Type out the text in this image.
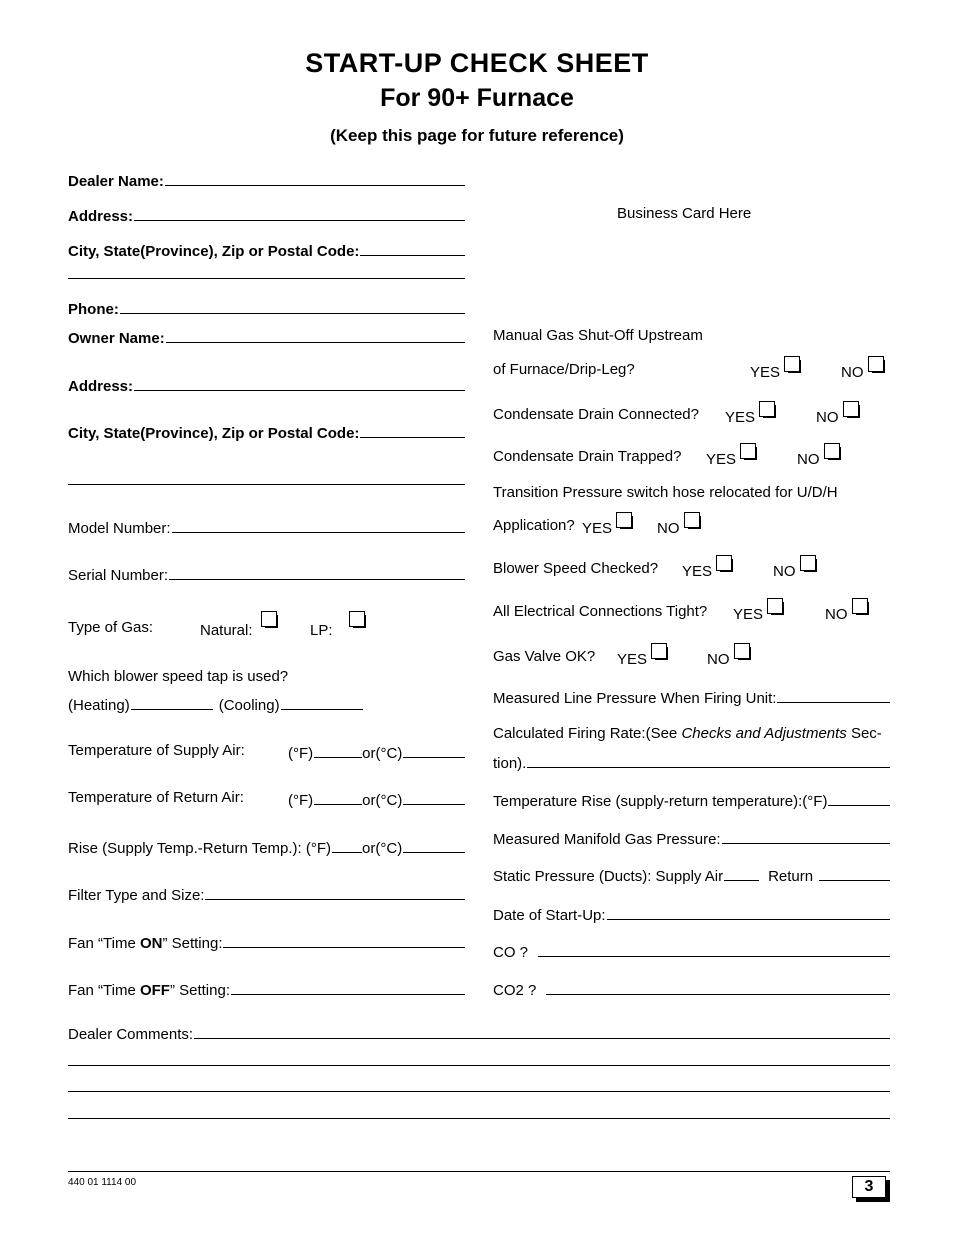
START-UP CHECK SHEET
For 90+ Furnace
(Keep this page for future reference)
Dealer Name:
Address:
City, State(Province), Zip or Postal Code:
Phone:
Owner Name:
Address:
City, State(Province), Zip or Postal Code:
Model Number:
Serial Number:
Type of Gas:	Natural:	LP:
Which blower speed tap is used?
(Heating)	(Cooling)
Temperature of Supply Air:	(°F)	or(°C)
Temperature of Return Air:	(°F)	or(°C)
Rise (Supply Temp.-Return Temp.): (°F) or(°C)
Filter Type and Size:
Fan “Time ON” Setting:
Fan “Time OFF” Setting:
Business Card Here
Manual Gas Shut-Off Upstream
of Furnace/Drip-Leg?	YES	NO
Condensate Drain Connected? YES	NO
Condensate Drain Trapped? YES	NO
Transition Pressure switch hose relocated for U/D/H
Application? YES	NO
Blower Speed Checked? YES	NO
All Electrical Connections Tight? YES	NO
Gas Valve OK? YES	NO
Measured Line Pressure When Firing Unit:
Calculated Firing Rate:(See Checks and Adjustments Sec-
tion).
Temperature Rise (supply-return temperature):(°F)
Measured Manifold Gas Pressure:
Static Pressure (Ducts): Supply Air	Return
Date of Start-Up:
CO ?
CO2 ?
Dealer Comments:
440 01 1114 00	3
